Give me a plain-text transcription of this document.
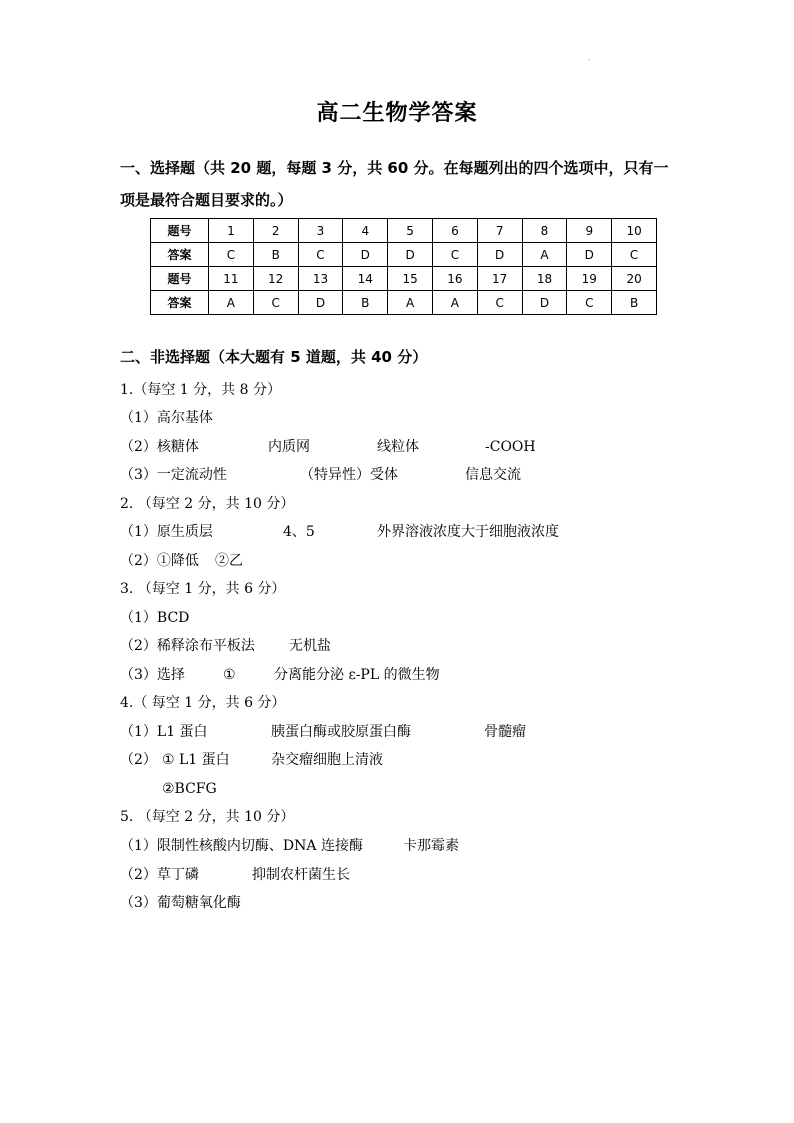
·
高二生物学答案
一、选择题（共 20 题，每题 3 分，共 60 分。在每题列出的四个选项中，只有一项是最符合题目要求的。）
题号	1	2	3	4	5	6	7	8	9	10
答案	C	B	C	D	D	C	D	A	D	C
题号	11	12	13	14	15	16	17	18	19	20
答案	A	C	D	B	A	A	C	D	C	B
二、非选择题（本大题有 5 道题，共 40 分）
1.（每空 1 分，共 8 分）
（1）高尔基体
（2）核糖体	内质网	线粒体	-COOH
（3）一定流动性	（特异性）受体	信息交流
2. （每空 2 分，共 10 分）
（1）原生质层	4、5	外界溶液浓度大于细胞液浓度
（2）①降低 ②乙
3. （每空 1 分，共 6 分）
（1）BCD
（2）稀释涂布平板法 无机盐
（3）选择	①	分离能分泌 ε-PL 的微生物
4.（ 每空 1 分，共 6 分）
（1）L1 蛋白	胰蛋白酶或胶原蛋白酶	骨髓瘤
（2） ① L1 蛋白	杂交瘤细胞上清液
②BCFG
5. （每空 2 分，共 10 分）
（1）限制性核酸内切酶、DNA 连接酶	卡那霉素
（2）草丁磷	抑制农杆菌生长
（3）葡萄糖氧化酶
